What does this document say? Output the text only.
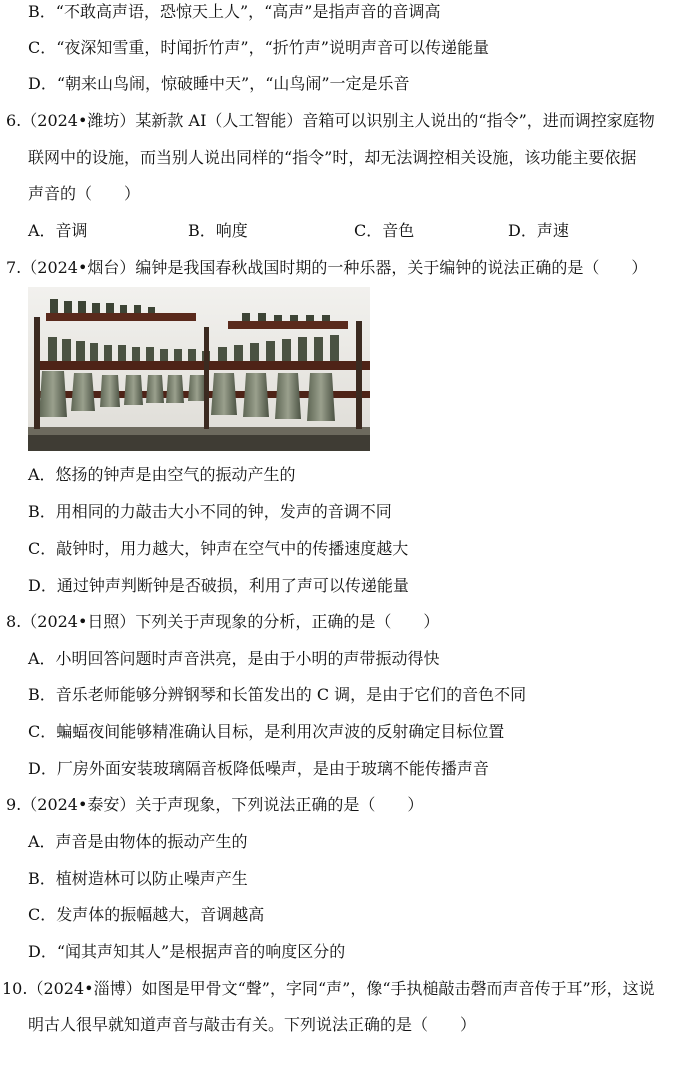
B．“不敢高声语，恐惊天上人”，“高声”是指声音的音调高
C．“夜深知雪重，时闻折竹声”，“折竹声”说明声音可以传递能量
D．“朝来山鸟闹，惊破睡中天”，“山鸟闹”一定是乐音
6.（2024•潍坊）某新款 AI（人工智能）音箱可以识别主人说出的“指令”，进而调控家庭物
联网中的设施，而当别人说出同样的“指令”时，却无法调控相关设施，该功能主要依据
声音的（　　）
A．音调	B．响度	C．音色	D．声速
7.（2024•烟台）编钟是我国春秋战国时期的一种乐器，关于编钟的说法正确的是（　　）
A．悠扬的钟声是由空气的振动产生的
B．用相同的力敲击大小不同的钟，发声的音调不同
C．敲钟时，用力越大，钟声在空气中的传播速度越大
D．通过钟声判断钟是否破损，利用了声可以传递能量
8.（2024•日照）下列关于声现象的分析，正确的是（　　）
A．小明回答问题时声音洪亮，是由于小明的声带振动得快
B．音乐老师能够分辨钢琴和长笛发出的 C 调，是由于它们的音色不同
C．蝙蝠夜间能够精准确认目标，是利用次声波的反射确定目标位置
D．厂房外面安装玻璃隔音板降低噪声，是由于玻璃不能传播声音
9.（2024•泰安）关于声现象，下列说法正确的是（　　）
A．声音是由物体的振动产生的
B．植树造林可以防止噪声产生
C．发声体的振幅越大，音调越高
D．“闻其声知其人”是根据声音的响度区分的
10.（2024•淄博）如图是甲骨文“聲”，字同“声”，像“手执槌敲击磬而声音传于耳”形，这说
明古人很早就知道声音与敲击有关。下列说法正确的是（　　）
